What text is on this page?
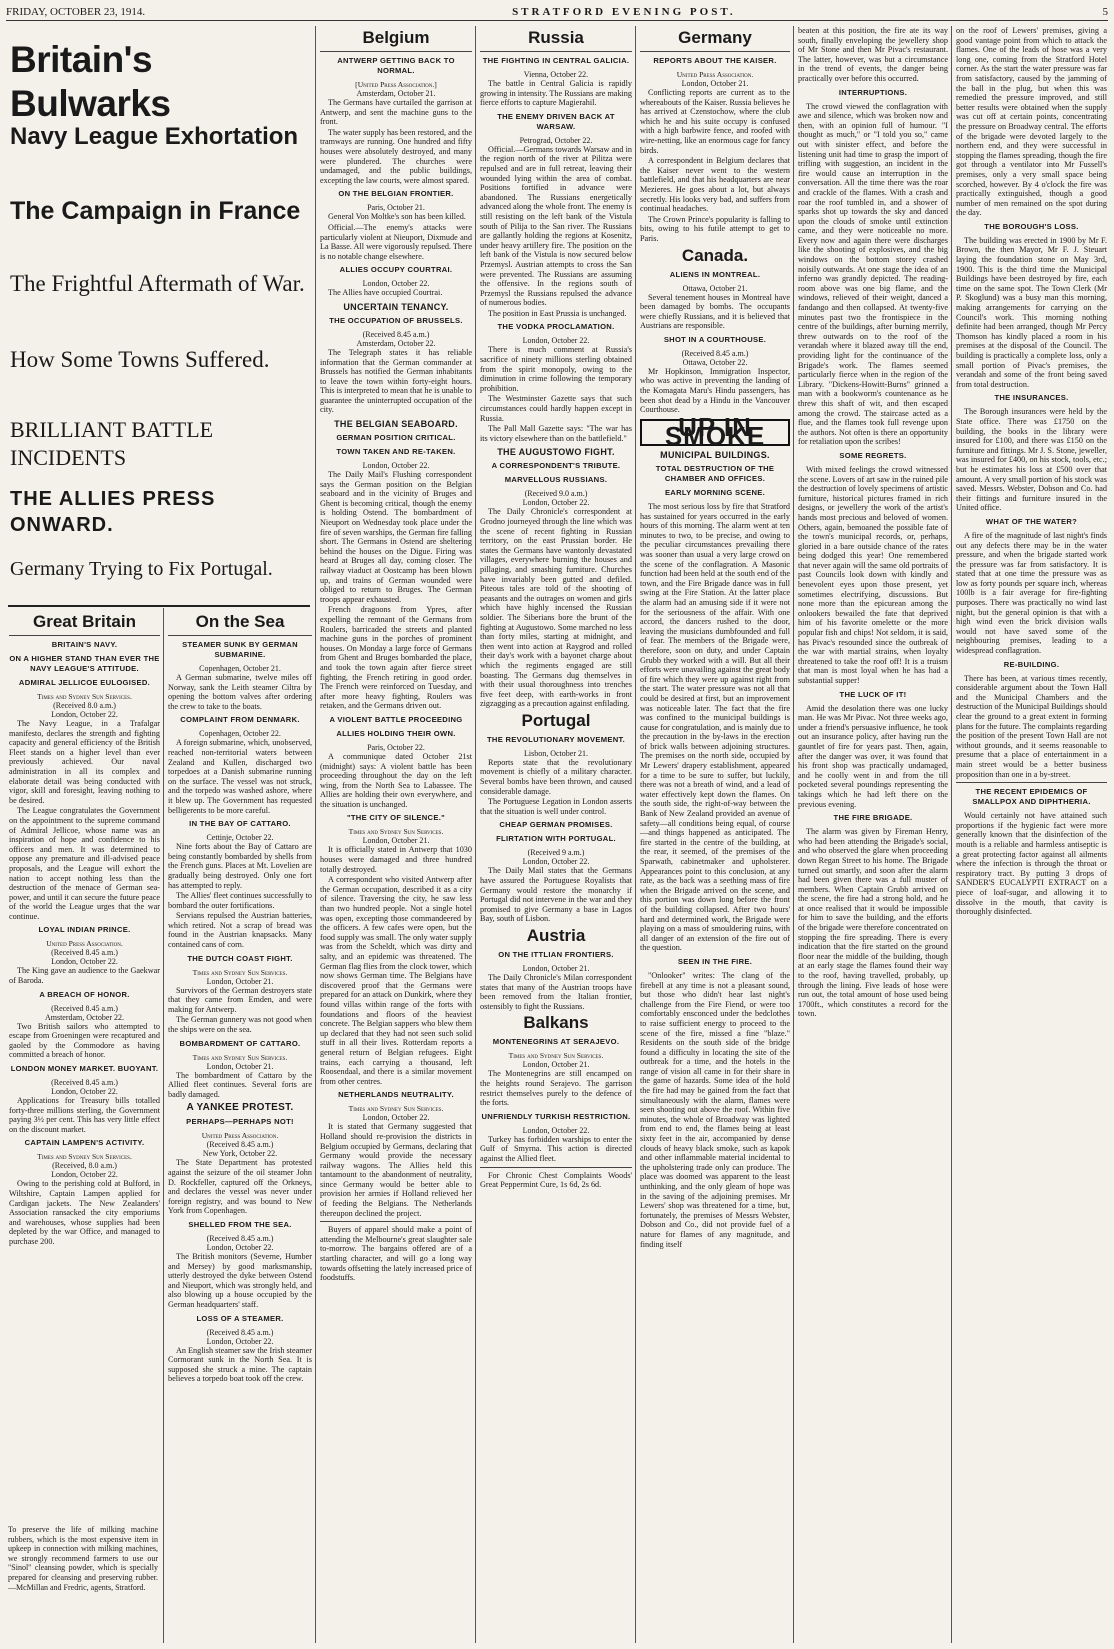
FRIDAY, OCTOBER 23, 1914.	STRATFORD EVENING POST.	5
Britain's Bulwarks
Navy League Exhortation
The Campaign in France
The Frightful Aftermath of War.
How Some Towns Suffered.
BRILLIANT BATTLE INCIDENTS
THE ALLIES PRESS ONWARD.
Germany Trying to Fix Portugal.
Great Britain
BRITAIN'S NAVY.
ON A HIGHER STAND THAN EVER THE NAVY LEAGUE'S ATTITUDE.
ADMIRAL JELLICOE EULOGISED.
Times and Sydney Sun Services.
(Received 8.0 a.m.)
London, October 22.

The Navy League, in a Trafalgar manifesto, declares the strength and fighting capacity and general efficiency of the British Fleet stands on a higher level than ever previously achieved. Our naval administration in all its complex and elaborate detail was being conducted with vigor, skill and foresight, leaving nothing to be desired.

The League congratulates the Government on the appointment to the supreme command of Admiral Jellicoe, whose name was an inspiration of hope and confidence to his officers and men. It was determined to oppose any premature and ill-advised peace proposals, and the League will exhort the nation to accept nothing less than the destruction of the menace of German sea-power, and until it can secure the future peace of the world the League urges that the war continue.

LOYAL INDIAN PRINCE.
United Press Association.
(Received 8.45 a.m.)
London, October 22.

The King gave an audience to the Gaekwar of Baroda.

A BREACH OF HONOR.
(Received 8.45 a.m.)
Amsterdam, October 22.

Two British sailors who attempted to escape from Groeningen were recaptured and gaoled by the Commodore as having committed a breach of honor.

LONDON MONEY MARKET. BUOYANT.
(Received 8.45 a.m.)
London, October 22.

Applications for Treasury bills totalled forty-three millions sterling, the Government paying 3½ per cent. This has very little effect on the discount market.

CAPTAIN LAMPEN'S ACTIVITY.
Times and Sydney Sun Services.
(Received, 8.0 a.m.)
London, October 22.

Owing to the perishing cold at Bulford, in Wiltshire, Captain Lampen applied for Cardigan jackets. The New Zealanders' Association ransacked the city emporiums and warehouses, whose supplies had been depleted by the war Office, and managed to purchase 200.

To preserve the life of milking machine rubbers, which is the most expensive item in upkeep in connection with milking machines, we strongly recommend farmers to use our "Sinol" cleansing powder, which is specially prepared for cleansing and preserving rubber.—McMillan and Fredric, agents, Stratford.
On the Sea
STEAMER SUNK BY GERMAN SUBMARINE.
Copenhagen, October 21.

A German submarine, twelve miles off Norway, sank the Leith steamer Ciltra by opening the bottom valves after ordering the crew to take to the boats.

COMPLAINT FROM DENMARK.
Copenhagen, October 22.

A foreign submarine, which, unobserved, reached non-territorial waters between Zealand and Kullen, discharged two torpedoes at a Danish submarine running on the surface. The vessel was not struck, and the torpedo was washed ashore, where it blew up. The Government has requested belligerents to be more careful.

IN THE BAY OF CATTARO.
Cettinje, October 22.

Nine forts about the Bay of Cattaro are being constantly bombarded by shells from the French guns. Places at Mt. Lovelien are gradually being destroyed. Only one fort has attempted to reply.

The Allies' fleet continues successfully to bombard the outer fortifications.

Servians repulsed the Austrian batteries, which retired. Not a scrap of bread was found in the Austrian knapsacks. Many contained cans of corn.

THE DUTCH COAST FIGHT.
Times and Sydney Sun Services.
London, October 21.

Survivors of the German destroyers state that they came from Emden, and were making for Antwerp.

The German gunnery was not good when the ships were on the sea.

BOMBARDMENT OF CATTARO.
Times and Sydney Sun Services.
London, October 21.

The bombardment of Cattaro by the Allied fleet continues. Several forts are badly damaged.

A YANKEE PROTEST.
PERHAPS—PERHAPS NOT!
United Press Association.
(Received 8.45 a.m.)
New York, October 22.

The State Department has protested against the seizure of the oil steamer John D. Rockfeller, captured off the Orkneys, and declares the vessel was never under foreign registry, and was bound to New York from Copenhagen.

SHELLED FROM THE SEA.
(Received 8.45 a.m.)
London, October 22.

The British monitors (Severne, Humber and Mersey) by good marksmanship, utterly destroyed the dyke between Ostend and Nieuport, which was strongly held, and also blowing up a house occupied by the German headquarters' staff.

LOSS OF A STEAMER.
(Received 8.45 a.m.)
London, October 22.

An English steamer saw the Irish steamer Cormorant sunk in the North Sea. It is supposed she struck a mine. The captain believes a torpedo boat took off the crew.

Belgium
ANTWERP GETTING BACK TO NORMAL.
[United Press Association.]
Amsterdam, October 21.

The Germans have curtailed the garrison at Antwerp, and sent the machine guns to the front.

The water supply has been restored, and the tramways are running. One hundred and fifty houses were absolutely destroyed, and many were plundered. The churches were undamaged, and the public buildings, excepting the law courts, were almost spared.

ON THE BELGIAN FRONTIER.
Paris, October 21.

General Von Moltke's son has been killed.

Official.—The enemy's attacks were particularly violent at Nieuport, Dixmude and La Basse. All were vigorously repulsed. There is no notable change elsewhere.

ALLIES OCCUPY COURTRAI.
London, October 22.

The Allies have occupied Courtrai.

UNCERTAIN TENANCY.
THE OCCUPATION OF BRUSSELS.
(Received 8.45 a.m.)
Amsterdam, October 22.

The Telegraph states it has reliable information that the German commander at Brussels has notified the German inhabitants to leave the town within forty-eight hours. This is interpreted to mean that he is unable to guarantee the uninterrupted occupation of the city.

THE BELGIAN SEABOARD.
GERMAN POSITION CRITICAL.
TOWN TAKEN AND RE-TAKEN.
London, October 22.

The Daily Mail's Flushing correspondent says the German position on the Belgian seaboard and in the vicinity of Bruges and Ghent is becoming critical, though the enemy is holding Ostend. The bombardment of Nieuport on Wednesday took place under the fire of seven warships, the German fire falling short. The Germans in Ostend are sheltering behind the houses on the Digue. Firing was heard at Bruges all day, coming closer. The railway viaduct at Oostcamp has been blown up, and trains of German wounded were obliged to return to Bruges. The German troops appear exhausted.

French dragoons from Ypres, after expelling the remnant of the Germans from Roulers, barricaded the streets and planted machine guns in the porches of prominent houses. On Monday a large force of Germans from Ghent and Bruges bombarded the place, and took the town again after fierce street fighting, the French retiring in good order. The French were reinforced on Tuesday, and after more heavy fighting, Roulers was retaken, and the Germans driven out.

A VIOLENT BATTLE PROCEEDING
ALLIES HOLDING THEIR OWN.
Paris, October 22.

A communique dated October 21st (midnight) says: A violent battle has been proceeding throughout the day on the left wing, from the North Sea to Labassee. The Allies are holding their own everywhere, and the situation is unchanged.

"THE CITY OF SILENCE."
Times and Sydney Sun Services.
London, October 21.

It is officially stated in Antwerp that 1030 houses were damaged and three hundred totally destroyed.

A correspondent who visited Antwerp after the German occupation, described it as a city of silence. Traversing the city, he saw less than two hundred people. Not a single hotel was open, excepting those commandeered by the officers. A few cafes were open, but the food supply was small. The only water supply was from the Scheldt, which was dirty and salty, and an epidemic was threatened. The German flag flies from the clock tower, which now shows German time. The Belgians have discovered proof that the Germans were prepared for an attack on Dunkirk, where they found villas within range of the forts with foundations and floors of the heaviest concrete. The Belgian sappers who blew them up declared that they had not seen such solid stuff in all their lives. Rotterdam reports a general return of Belgian refugees. Eight trains, each carrying a thousand, left Roosendaal, and there is a similar movement from other centres.

NETHERLANDS NEUTRALITY.
Times and Sydney Sun Services.
London, October 22.

It is stated that Germany suggested that Holland should re-provision the districts in Belgium occupied by Germans, declaring that Germany would provide the necessary railway wagons. The Allies held this tantamount to the abandonment of neutrality, since Germany would be better able to provision her armies if Holland relieved her of feeding the Belgians. The Netherlands thereupon declined the project.

Buyers of apparel should make a point of attending the Melbourne's great slaughter sale to-morrow. The bargains offered are of a startling character, and will go a long way towards offsetting the lately increased price of foodstuffs.

Russia
THE FIGHTING IN CENTRAL GALICIA.
Vienna, October 22.

The battle in Central Galicia is rapidly growing in intensity. The Russians are making fierce efforts to capture Magierahil.

THE ENEMY DRIVEN BACK AT WARSAW.
Petrograd, October 22.

Official.—Germans towards Warsaw and in the region north of the river at Pilitza were repulsed and are in full retreat, leaving their wounded lying within the area of combat. Positions fortified in advance were abandoned. The Russians energetically advanced along the whole front. The enemy is still resisting on the left bank of the Vistula south of Pilija to the San river. The Russians are gallantly holding the regions at Kosenitz, under heavy artillery fire. The position on the left bank of the Vistula is now secured below Przemysl. Austrian attempts to cross the San were prevented. The Russians are assuming the offensive. In the regions south of Przemysl the Russians repulsed the advance of numerous bodies.

The position in East Prussia is unchanged.

THE VODKA PROCLAMATION.
London, October 22.

There is much comment at Russia's sacrifice of ninety millions sterling obtained from the spirit monopoly, owing to the diminution in crime following the temporary prohibition.

The Westminster Gazette says that such circumstances could hardly happen except in Russia.

The Pall Mall Gazette says: "The war has its victory elsewhere than on the battlefield."

THE AUGUSTOWO FIGHT.
A CORRESPONDENT'S TRIBUTE.
MARVELLOUS RUSSIANS.
(Received 9.0 a.m.)
London, October 22.

The Daily Chronicle's correspondent at Grodno journeyed through the line which was the scene of recent fighting in Russian territory, on the east Prussian border. He states the Germans have wantonly devastated villages, everywhere burning the houses and pillaging, and smashing furniture. Churches have invariably been gutted and defiled. Piteous tales are told of the shooting of peasants and the outrages on women and girls which have highly incensed the Russian soldier. The Siberians bore the brunt of the fighting at Augustowo. Some marched no less than forty miles, starting at midnight, and then went into action at Raygrod and rolled their day's work with a bayonet charge about which the regiments engaged are still boasting. The Germans dug themselves in with their usual thoroughness into trenches five feet deep, with earth-works in front zigzagging as a precaution against enfilading.

Portugal
THE REVOLUTIONARY MOVEMENT.
Lisbon, October 21.

Reports state that the revolutionary movement is chiefly of a military character. Several bombs have been thrown, and caused considerable damage.

The Portuguese Legation in London asserts that the situation is well under control.

CHEAP GERMAN PROMISES.
FLIRTATION WITH PORTUGAL.
(Received 9 a.m.)
London, October 22.

The Daily Mail states that the Germans have assured the Portuguese Royalists that Germany would restore the monarchy if Portugal did not intervene in the war and they promised to give Germany a base in Lagos Bay, south of Lisbon.

Austria
ON THE ITTLIAN FRONTIERS.
London, October 21.

The Daily Chronicle's Milan correspondent states that many of the Austrian troops have been removed from the Italian frontier, ostensibly to fight the Russians.

Balkans
MONTENEGRINS AT SERAJEVO.
Times and Sydney Sun Services.
London, October 21.

The Montenegrins are still encamped on the heights round Serajevo. The garrison restrict themselves purely to the defence of the forts.

UNFRIENDLY TURKISH RESTRICTION.
London, October 22.

Turkey has forbidden warships to enter the Gulf of Smyrna. This action is directed against the Allied fleet.

For Chronic Chest Complaints Woods' Great Peppermint Cure, 1s 6d, 2s 6d.

Germany
REPORTS ABOUT THE KAISER.
United Press Association.
London, October 21.

Conflicting reports are current as to the whereabouts of the Kaiser. Russia believes he has arrived at Czenstochow, where the club which he and his suite occupy is confused with a high barbwire fence, and roofed with wire-netting, like an enormous cage for fancy birds.

A correspondent in Belgium declares that the Kaiser never went to the western battlefield, and that his headquarters are near Mezieres. He goes about a lot, but always secretly. His looks very bad, and suffers from continual headaches.

The Crown Prince's popularity is falling to bits, owing to his futile attempt to get to Paris.

Canada.
ALIENS IN MONTREAL.
Ottawa, October 21.

Several tenement houses in Montreal have been damaged by bombs. The occupants were chiefly Russians, and it is believed that Austrians are responsible.

SHOT IN A COURTHOUSE.
(Received 8.45 a.m.)
Ottawa, October 22.

Mr Hopkinson, Immigration Inspector, who was active in preventing the landing of the Komagata Maru's Hindu passengers, has been shot dead by a Hindu in the Vancouver Courthouse.

UP IN SMOKE
MUNICIPAL BUILDINGS.
TOTAL DESTRUCTION OF THE CHAMBER AND OFFICES.
EARLY MORNING SCENE.

The most serious loss by fire that Stratford has sustained for years occurred in the early hours of this morning. The alarm went at ten minutes to two, to be precise, and owing to the peculiar circumstances prevailing there was sooner than usual a very large crowd on the scene of the conflagration. A Masonic function had been held at the south end of the town, and the Fire Brigade dance was in full swing at the Fire Station. At the latter place the alarm had an amusing side if it were not for the seriousness of the affair. With one accord, the dancers rushed to the door, leaving the musicians dumbfounded and full of fear. The members of the Brigade were, therefore, soon on duty, and under Captain Grubb they worked with a will. But all their efforts were unavailing against the great body of fire which they were up against right from the start. The water pressure was not all that could be desired at first, but an improvement was noticeable later. The fact that the fire was confined to the municipal buildings is cause for congratulation, and is mainly due to the precaution in the by-laws in the erection of brick walls between adjoining structures. The premises on the north side, occupied by Mr Lewers' drapery establishment, appeared for a time to be sure to suffer, but luckily, there was not a breath of wind, and a lead of water effectively kept down the flames. On the south side, the right-of-way between the Bank of New Zealand provided an avenue of safety—all conditions being equal, of course—and things happened as anticipated. The fire started in the centre of the building, at the rear, it seemed, of the premises of the Sparwath, cabinetmaker and upholsterer. Appearances point to this conclusion, at any rate, as the back was a seething mass of fire when the Brigade arrived on the scene, and this portion was down long before the front of the building collapsed. After two hours' hard and determined work, the Brigade were playing on a mass of smouldering ruins, with all danger of an extension of the fire out of the question.

SEEN IN THE FIRE.

"Onlooker" writes: The clang of the firebell at any time is not a pleasant sound, but those who didn't hear last night's challenge from the Fire Fiend, or were too comfortably ensconced under the bedclothes to raise sufficient energy to proceed to the scene of the fire, missed a fine "blaze." Residents on the south side of the bridge found a difficulty in locating the site of the outbreak for a time, and the hotels in the range of vision all came in for their share in the game of hazards. Some idea of the hold the fire had may be gained from the fact that simultaneously with the alarm, flames were seen shooting out above the roof. Within five minutes, the whole of Broadway was lighted from end to end, the flames being at least sixty feet in the air, accompanied by dense clouds of heavy black smoke, such as kapok and other inflammable material incidental to the upholstering trade only can produce. The place was doomed was apparent to the least unthinking, and the only gleam of hope was in the saving of the adjoining premises. Mr Lewers' shop was threatened for a time, but, fortunately, the premises of Messrs Webster, Dobson and Co., did not provide fuel of a nature for flames of any magnitude, and finding itself

beaten at this position, the fire ate its way south, finally enveloping the jewellery shop of Mr Stone and then Mr Pivac's restaurant. The latter, however, was but a circumstance in the trend of events, the danger being practically over before this occurred.

INTERRUPTIONS.

The crowd viewed the conflagration with awe and silence, which was broken now and then, with an opinion full of humour. "I thought as much," or "I told you so," came out with sinister effect, and before the listening unit had time to grasp the import of trifling with suggestion, an incident in the fire would cause an interruption in the conversation. All the time there was the roar and crackle of the flames. With a crash and roar the roof tumbled in, and a shower of sparks shot up towards the sky and danced upon the clouds of smoke until extinction came, and they were noticeable no more. Every now and again there were discharges like the shooting of explosives, and the big windows on the bottom storey crashed noisily outwards. At one stage the idea of an inferno was grandly depicted. The reading-room above was one big flame, and the windows, relieved of their weight, danced a fandango and then collapsed. At twenty-five minutes past two the frontispiece in the centre of the buildings, after burning merrily, threw outwards on to the roof of the verandah where it blazed away till the end, providing light for the continuance of the Brigade's work. The flames seemed particularly fierce when in the region of the Library. "Dickens-Howitt-Burns" grinned a man with a bookworm's countenance as he threw this shaft of wit, and then escaped among the crowd. The staircase acted as a flue, and the flames took full revenge upon the authors. Not often is there an opportunity for retaliation upon the scribes!

SOME REGRETS.

With mixed feelings the crowd witnessed the scene. Lovers of art saw in the ruined pile the destruction of lovely specimens of artistic furniture, historical pictures framed in rich designs, or jewellery the work of the artist's hands most precious and beloved of women. Others, again, bemoaned the possible fate of the town's municipal records, or, perhaps, gloried in a bare outside chance of the rates being dodged this year! One remembered that never again will the same old portraits of past Councils look down with kindly and benevolent eyes upon those present, yet sometimes electrifying, discussions. But none more than the epicurean among the onlookers bewailed the fate that deprived him of his favorite omelette or the more popular fish and chips! Not seldom, it is said, has Pivac's resounded since the outbreak of the war with martial strains, when loyalty threatened to take the roof off! It is a truism that man is most loyal when he has had a substantial supper!

THE LUCK OF IT!

Amid the desolation there was one lucky man. He was Mr Pivac. Not three weeks ago, under a friend's persuasive influence, he took out an insurance policy, after having run the gauntlet of fire for years past. Then, again, after the danger was over, it was found that his front shop was practically undamaged, and he coolly went in and from the till pocketed several poundings representing the takings which he had left there on the previous evening.

THE FIRE BRIGADE.

The alarm was given by Fireman Henry, who had been attending the Brigade's social, and who observed the glare when proceeding down Regan Street to his home. The Brigade turned out smartly, and soon after the alarm had been given there was a full muster of members. When Captain Grubb arrived on the scene, the fire had a strong hold, and he at once realised that it would be impossible for him to save the building, and the efforts of the brigade were therefore concentrated on stopping the fire spreading. There is every indication that the fire started on the ground floor near the middle of the building, though at an early stage the flames found their way to the roof, having travelled, probably, up through the lining. Five leads of hose were run out, the total amount of hose used being 1700ft., which constitutes a record for the town.

on the roof of Lewers' premises, giving a good vantage point from which to attack the flames. One of the leads of hose was a very long one, coming from the Stratford Hotel corner. As the start the water pressure was far from satisfactory, caused by the jamming of the ball in the plug, but when this was remedied the pressure improved, and still better results were obtained when the supply was cut off at certain points, concentrating the pressure on Broadway central. The efforts of the brigade were devoted largely to the northern end, and they were successful in stopping the flames spreading, though the fire got through a ventilator into Mr Fussell's premises, only a very small space being scorched, however. By 4 o'clock the fire was practically extinguished, though a good number of men remained on the spot during the day.

THE BOROUGH'S LOSS.

The building was erected in 1900 by Mr F. Brown, the then Mayor, Mr F. J. Steuart laying the foundation stone on May 3rd, 1900. This is the third time the Municipal Buildings have been destroyed by fire, each time on the same spot. The Town Clerk (Mr P. Skoglund) was a busy man this morning, making arrangements for carrying on the Council's work. This morning nothing definite had been arranged, though Mr Percy Thomson has kindly placed a room in his premises at the disposal of the Council. The building is practically a complete loss, only a small portion of Pivac's premises, the verandah and some of the front being saved from total destruction.

THE INSURANCES.

The Borough insurances were held by the State office. There was £1750 on the building, the books in the library were insured for £100, and there was £150 on the furniture and fittings. Mr J. S. Stone, jeweller, was insured for £400, on his stock, tools, etc.; but he estimates his loss at £500 over that amount. A very small portion of his stock was saved. Messrs. Webster, Dobson and Co. had their fittings and furniture insured in the United office.

WHAT OF THE WATER?

A fire of the magnitude of last night's finds out any defects there may be in the water pressure, and when the brigade started work the pressure was far from satisfactory. It is stated that at one time the pressure was as low as forty pounds per square inch, whereas 100lb is a fair average for fire-fighting purposes. There was practically no wind last night, but the general opinion is that with a high wind even the brick division walls would not have saved some of the neighbouring premises, leading to a widespread conflagration.

RE-BUILDING.

There has been, at various times recently, considerable argument about the Town Hall and the Municipal Chambers and the destruction of the Municipal Buildings should clear the ground to a great extent in forming plans for the future. The complaints regarding the position of the present Town Hall are not without grounds, and it seems reasonable to presume that a place of entertainment in a main street would be a better business proposition than one in a by-street.

THE RECENT EPIDEMICS OF SMALLPOX AND DIPHTHERIA.

Would certainly not have attained such proportions if the hygienic fact were more generally known that the disinfection of the mouth is a reliable and harmless antiseptic is a great protecting factor against all ailments where the infection is through the throat or respiratory tract. By putting 3 drops of SANDER'S EUCALYPTI EXTRACT on a piece of loaf-sugar, and allowing it to dissolve in the mouth, that cavity is thoroughly disinfected.
